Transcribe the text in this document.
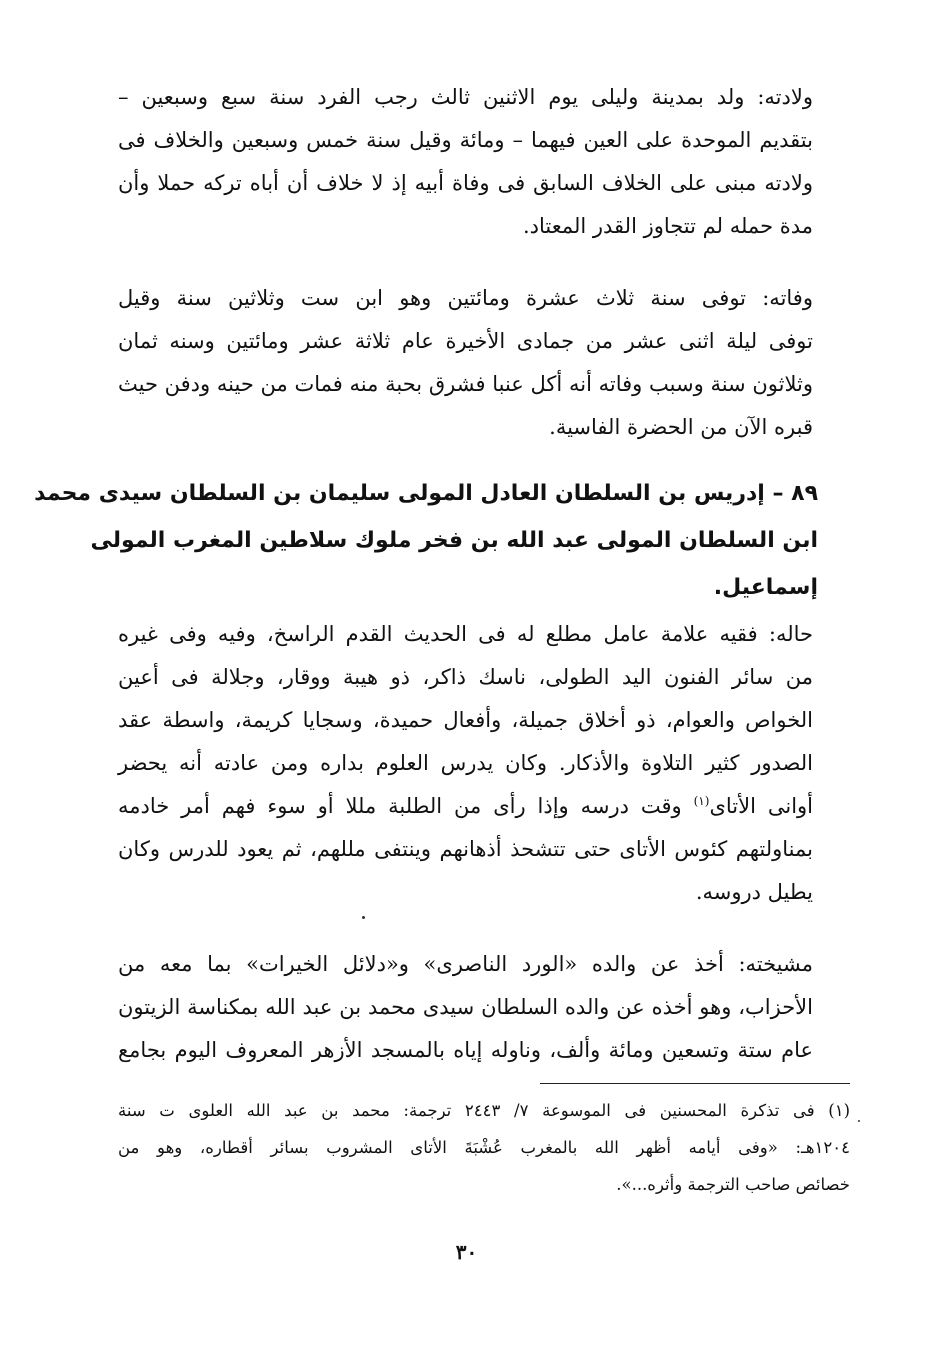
ولادته: ولد بمدينة وليلى يوم الاثنين ثالث رجب الفرد سنة سبع وسبعين –
بتقديم الموحدة على العين فيهما – ومائة وقيل سنة خمس وسبعين والخلاف فى
ولادته مبنى على الخلاف السابق فى وفاة أبيه إذ لا خلاف أن أباه تركه حملا وأن
مدة حمله لم تتجاوز القدر المعتاد.
وفاته: توفى سنة ثلاث عشرة ومائتين وهو ابن ست وثلاثين سنة وقيل
توفى ليلة اثنى عشر من جمادى الأخيرة عام ثلاثة عشر ومائتين وسنه ثمان
وثلاثون سنة وسبب وفاته أنه أكل عنبا فشرق بحبة منه فمات من حينه ودفن حيث
قبره الآن من الحضرة الفاسية.
٨٩ – إدريس بن السلطان العادل المولى سليمان بن السلطان سيدى محمد
ابن السلطان المولى عبد الله بن فخر ملوك سلاطين المغرب المولى
إسماعيل.
حاله: فقيه علامة عامل مطلع له فى الحديث القدم الراسخ، وفيه وفى غيره
من سائر الفنون اليد الطولى، ناسك ذاكر، ذو هيبة ووقار، وجلالة فى أعين
الخواص والعوام، ذو أخلاق جميلة، وأفعال حميدة، وسجايا كريمة، واسطة عقد
الصدور كثير التلاوة والأذكار. وكان يدرس العلوم بداره ومن عادته أنه يحضر
أوانى الأتاى$^{(١)}$ وقت درسه وإذا رأى من الطلبة مللا أو سوء فهم أمر خادمه
بمناولتهم كئوس الأتاى حتى تتشحذ أذهانهم وينتفى مللهم، ثم يعود للدرس وكان
يطيل دروسه.
مشيخته: أخذ عن والده «الورد الناصرى» و«دلائل الخيرات» بما معه من
الأحزاب، وهو أخذه عن والده السلطان سيدى محمد بن عبد الله بمكناسة الزيتون
عام ستة وتسعين ومائة وألف، وناوله إياه بالمسجد الأزهر المعروف اليوم بجامع
(١) فى تذكرة المحسنين فى الموسوعة ٧/ ٢٤٤٣ ترجمة: محمد بن عبد الله العلوى ت سنة
١٢٠٤هـ: «وفى أيامه أظهر الله بالمغرب عُشْبَةَ الأتاى المشروب بسائر أقطاره، وهو من
خصائص صاحب الترجمة وأثره...».
٣٠
